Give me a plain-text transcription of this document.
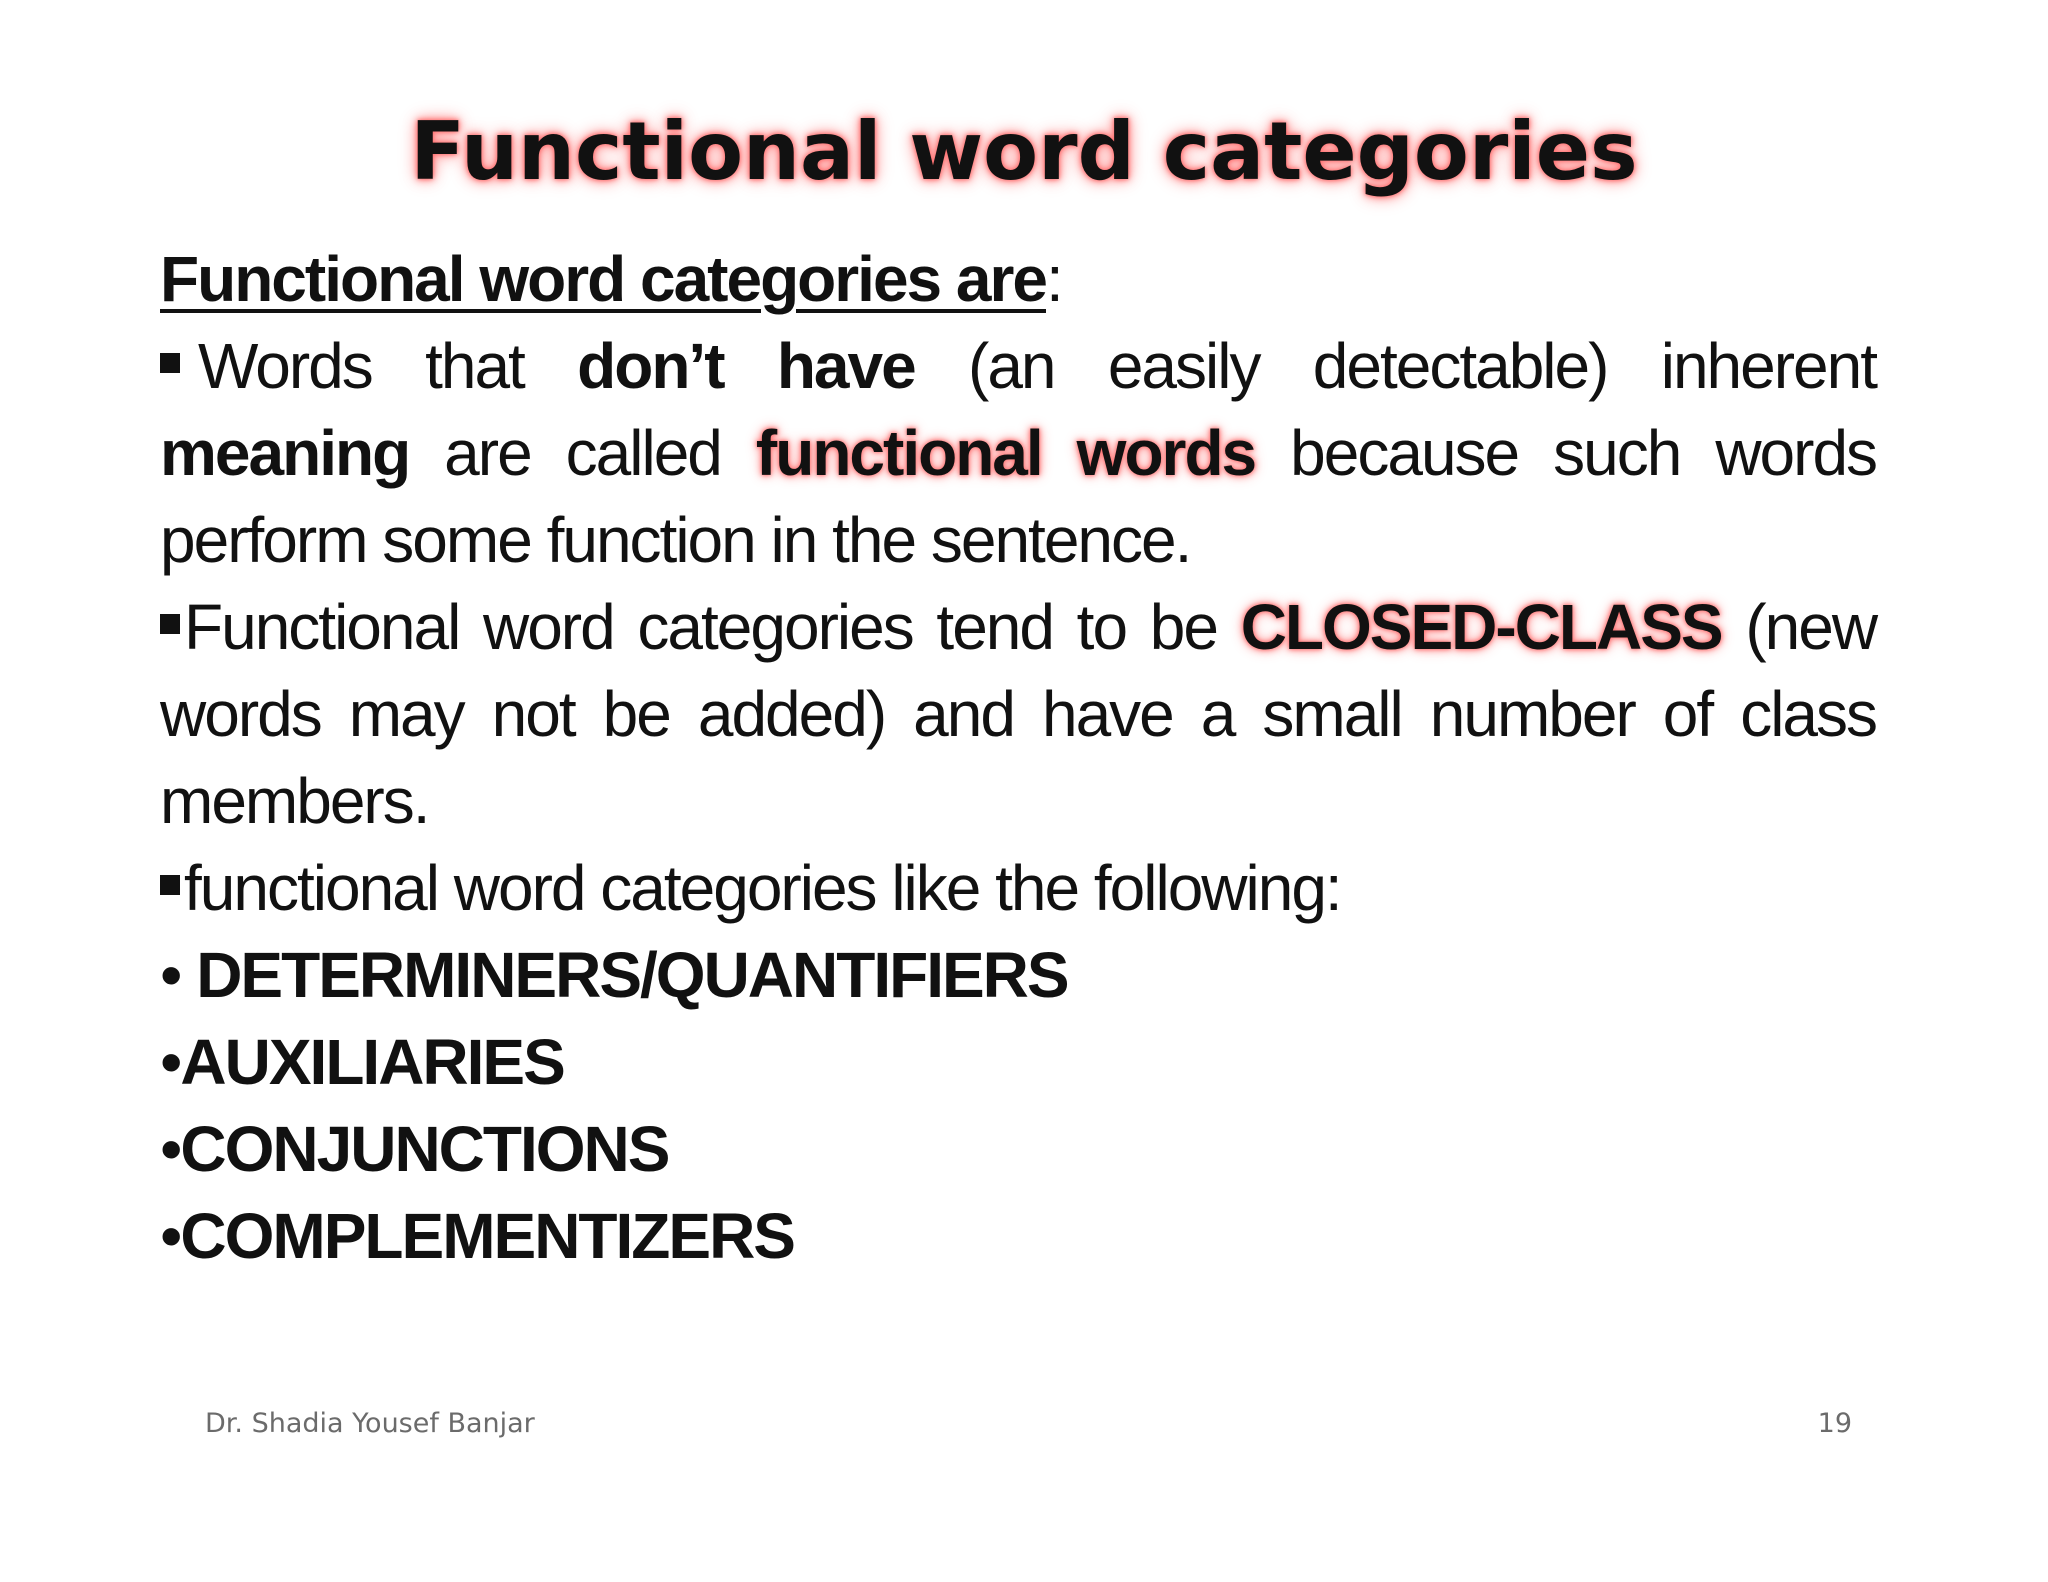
Functional word categories
Functional word categories are:
Words that don’t have (an easily detectable) inherent
meaning are called functional words because such words
perform some function in the sentence.
Functional word categories tend to be CLOSED-CLASS (new
words may not be added) and have a small number of class
members.
functional word categories like the following:
• DETERMINERS/QUANTIFIERS
•AUXILIARIES
•CONJUNCTIONS
•COMPLEMENTIZERS
Dr. Shadia Yousef Banjar	19
